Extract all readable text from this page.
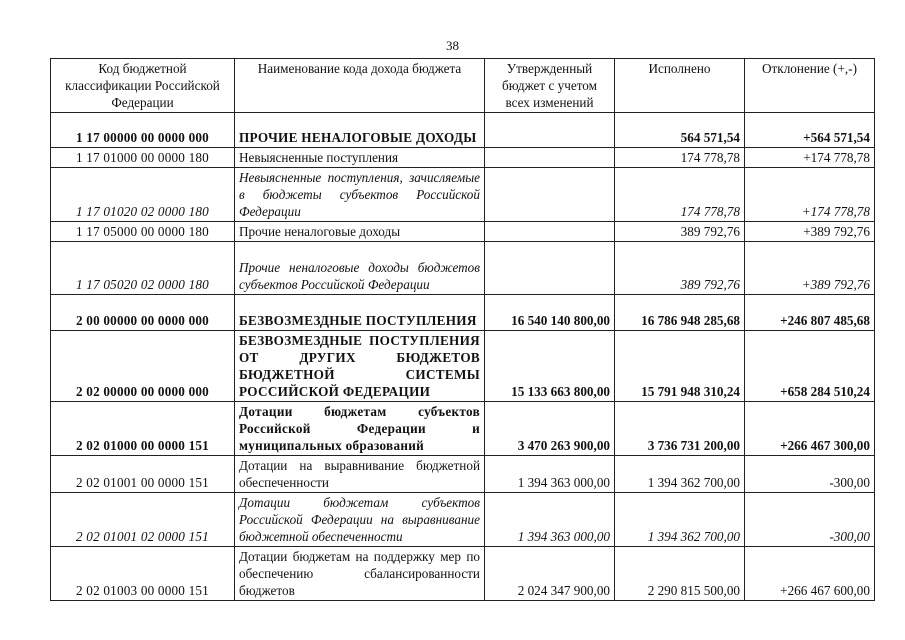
38
Код бюджетной классификации Российской Федерации	Наименование кода дохода бюджета	Утвержденный бюджет с учетом всех изменений	Исполнено	Отклонение (+,-)
1 17 00000 00 0000 000	ПРОЧИЕ НЕНАЛОГОВЫЕ ДОХОДЫ		564 571,54	+564 571,54
1 17 01000 00 0000 180	Невыясненные поступления		174 778,78	+174 778,78
1 17 01020 02 0000 180	Невыясненные поступления, зачисляемые в бюджеты субъектов Российской Федерации		174 778,78	+174 778,78
1 17 05000 00 0000 180	Прочие неналоговые доходы		389 792,76	+389 792,76
1 17 05020 02 0000 180	Прочие неналоговые доходы бюджетов субъектов Российской Федерации		389 792,76	+389 792,76
2 00 00000 00 0000 000	БЕЗВОЗМЕЗДНЫЕ ПОСТУПЛЕНИЯ	16 540 140 800,00	16 786 948 285,68	+246 807 485,68
2 02 00000 00 0000 000	БЕЗВОЗМЕЗДНЫЕ ПОСТУПЛЕНИЯ ОТ ДРУГИХ БЮДЖЕТОВ БЮДЖЕТНОЙ СИСТЕМЫ РОССИЙСКОЙ ФЕДЕРАЦИИ	15 133 663 800,00	15 791 948 310,24	+658 284 510,24
2 02 01000 00 0000 151	Дотации бюджетам субъектов Российской Федерации и муниципальных образований	3 470 263 900,00	3 736 731 200,00	+266 467 300,00
2 02 01001 00 0000 151	Дотации на выравнивание бюджетной обеспеченности	1 394 363 000,00	1 394 362 700,00	-300,00
2 02 01001 02 0000 151	Дотации бюджетам субъектов Российской Федерации на выравнивание бюджетной обеспеченности	1 394 363 000,00	1 394 362 700,00	-300,00
2 02 01003 00 0000 151	Дотации бюджетам на поддержку мер по обеспечению сбалансированности бюджетов	2 024 347 900,00	2 290 815 500,00	+266 467 600,00
